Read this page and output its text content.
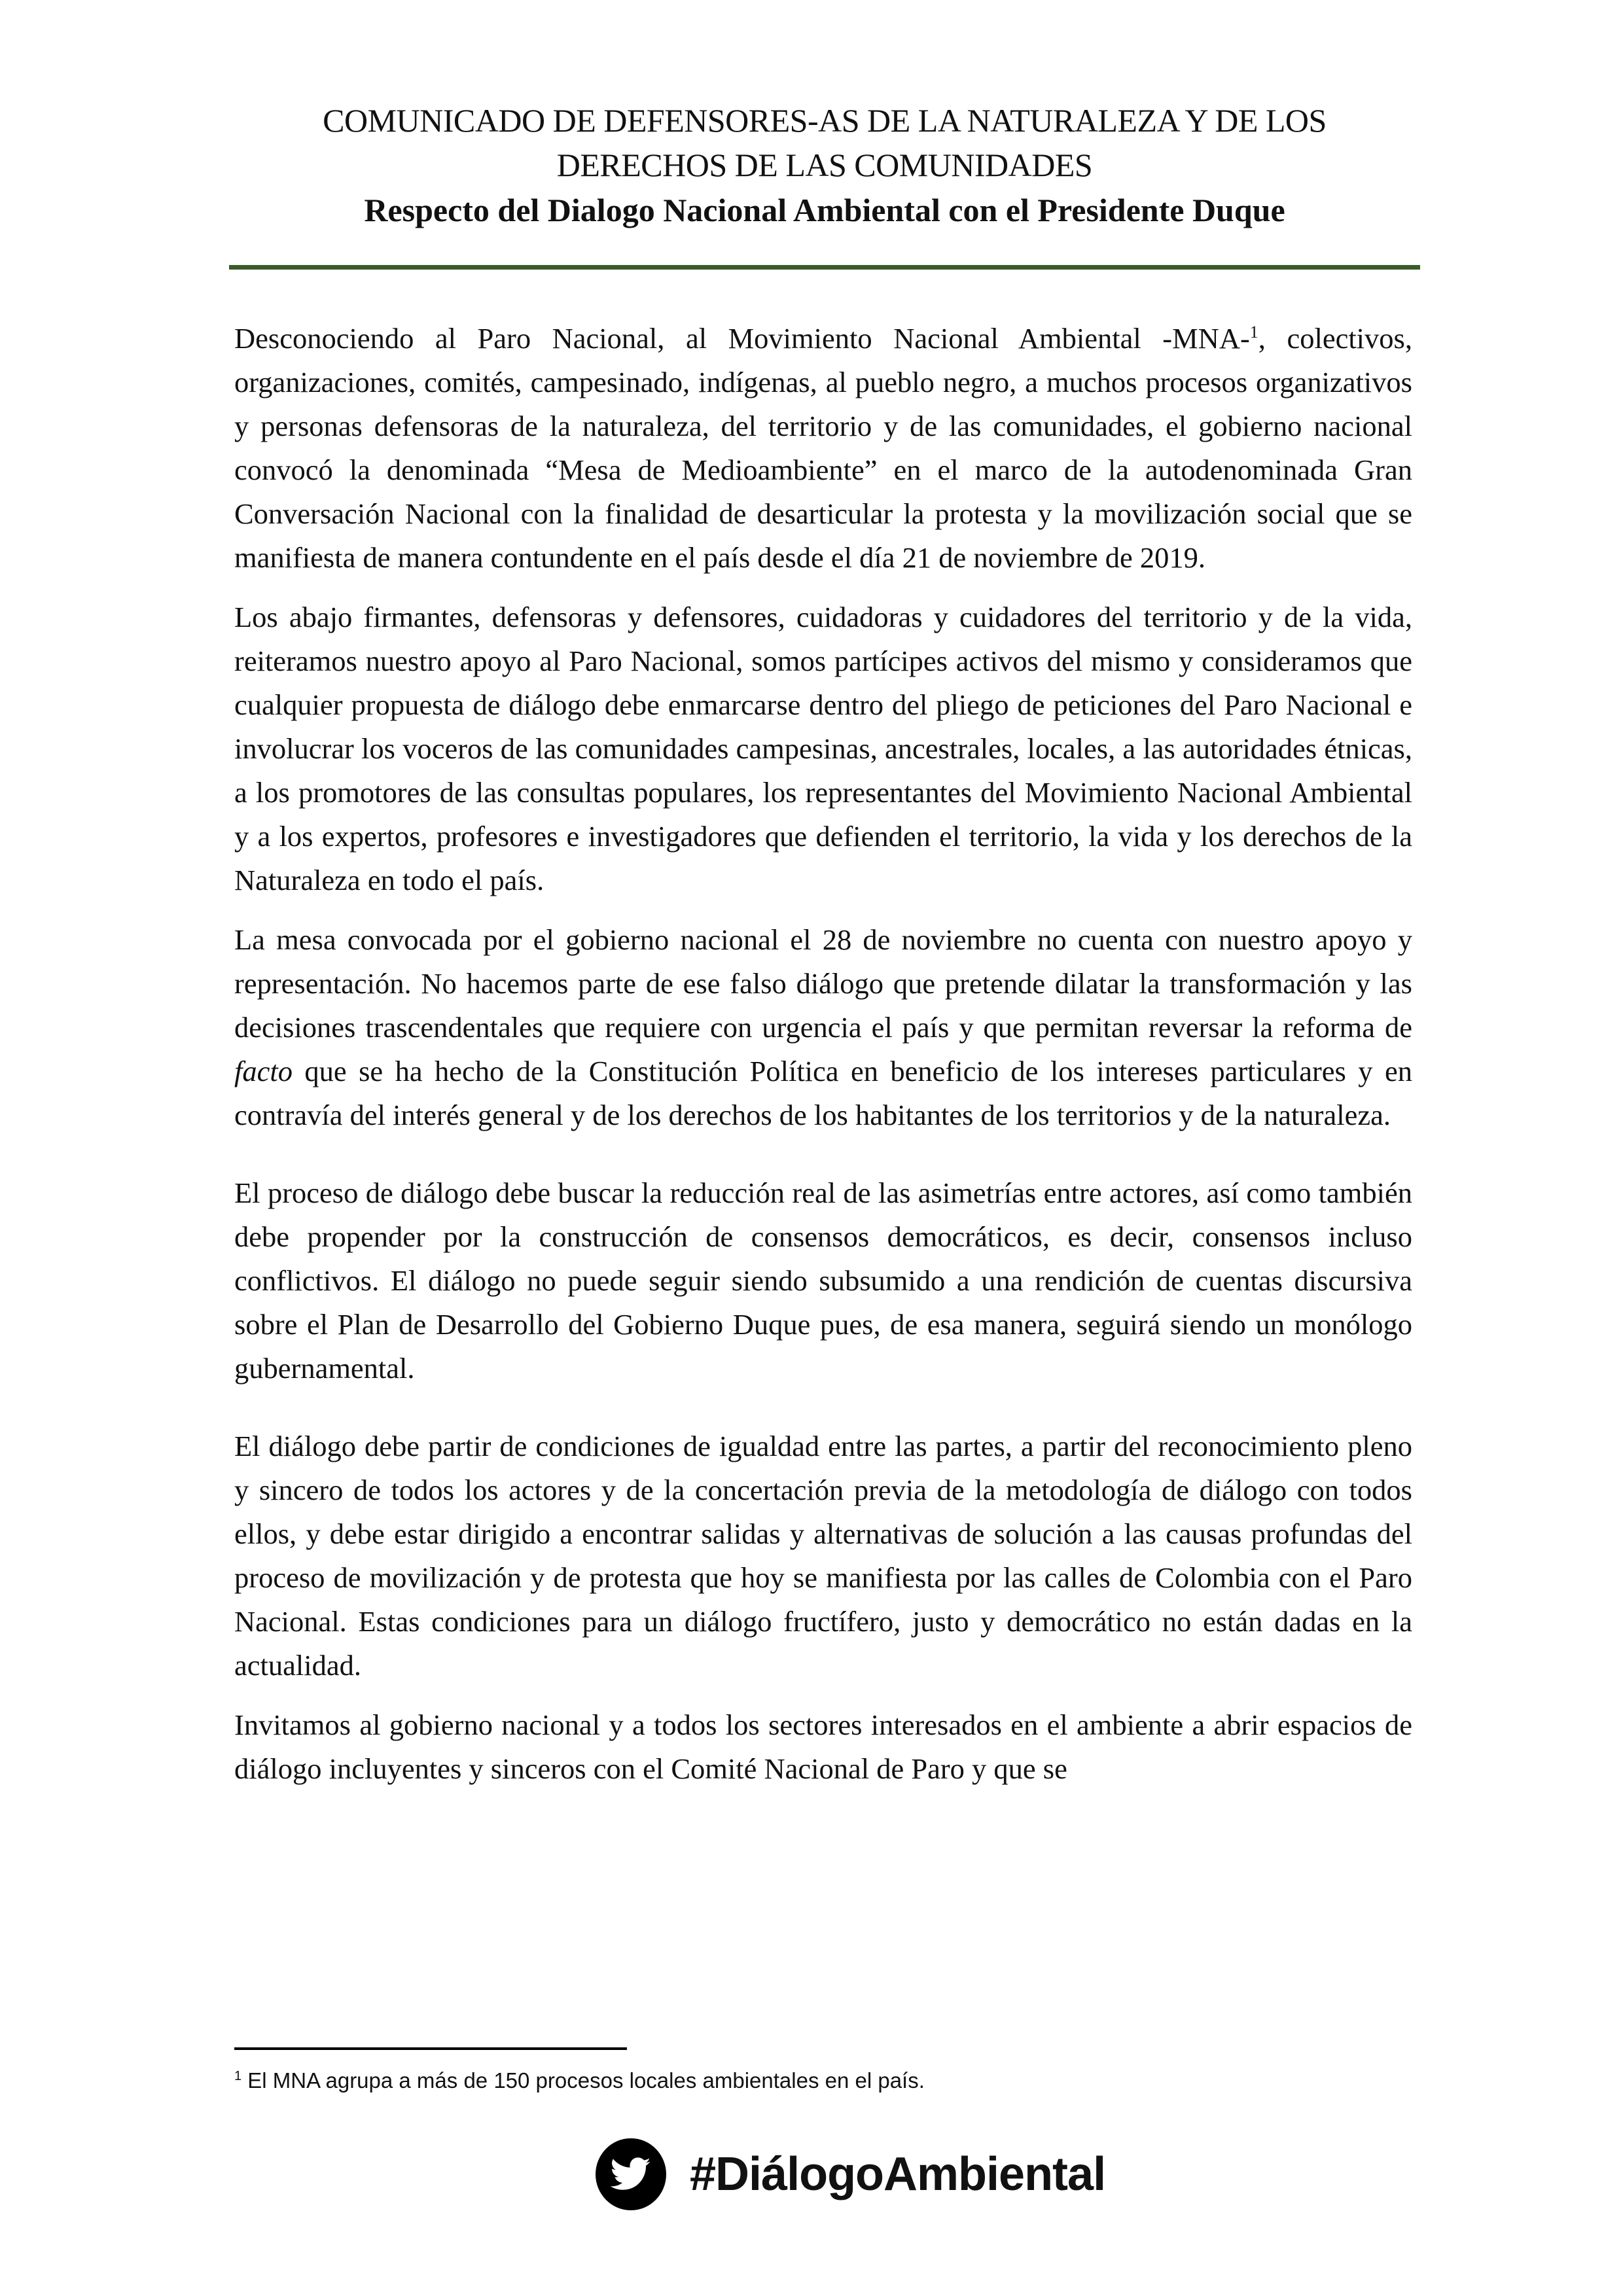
COMUNICADO DE DEFENSORES-AS DE LA NATURALEZA Y DE LOS
DERECHOS DE LAS COMUNIDADES
Respecto del Dialogo Nacional Ambiental con el Presidente Duque

Desconociendo al Paro Nacional, al Movimiento Nacional Ambiental -MNA-$^1$, colectivos, organizaciones, comités, campesinado, indígenas, al pueblo negro, a muchos procesos organizativos y personas defensoras de la naturaleza, del territorio y de las comunidades, el gobierno nacional convocó la denominada “Mesa de Medioambiente” en el marco de la autodenominada Gran Conversación Nacional con la finalidad de desarticular la protesta y la movilización social que se manifiesta de manera contundente en el país desde el día 21 de noviembre de 2019.

Los abajo firmantes, defensoras y defensores, cuidadoras y cuidadores del territorio y de la vida, reiteramos nuestro apoyo al Paro Nacional, somos partícipes activos del mismo y consideramos que cualquier propuesta de diálogo debe enmarcarse dentro del pliego de peticiones del Paro Nacional e involucrar los voceros de las comunidades campesinas, ancestrales, locales, a las autoridades étnicas, a los promotores de las consultas populares, los representantes del Movimiento Nacional Ambiental y a los expertos, profesores e investigadores que defienden el territorio, la vida y los derechos de la Naturaleza en todo el país.

La mesa convocada por el gobierno nacional el 28 de noviembre no cuenta con nuestro apoyo y representación. No hacemos parte de ese falso diálogo que pretende dilatar la transformación y las decisiones trascendentales que requiere con urgencia el país y que permitan reversar la reforma de facto que se ha hecho de la Constitución Política en beneficio de los intereses particulares y en contravía del interés general y de los derechos de los habitantes de los territorios y de la naturaleza.

El proceso de diálogo debe buscar la reducción real de las asimetrías entre actores, así como también debe propender por la construcción de consensos democráticos, es decir, consensos incluso conflictivos. El diálogo no puede seguir siendo subsumido a una rendición de cuentas discursiva sobre el Plan de Desarrollo del Gobierno Duque pues, de esa manera, seguirá siendo un monólogo gubernamental.

El diálogo debe partir de condiciones de igualdad entre las partes, a partir del reconocimiento pleno y sincero de todos los actores y de la concertación previa de la metodología de diálogo con todos ellos, y debe estar dirigido a encontrar salidas y alternativas de solución a las causas profundas del proceso de movilización y de protesta que hoy se manifiesta por las calles de Colombia con el Paro Nacional. Estas condiciones para un diálogo fructífero, justo y democrático no están dadas en la actualidad.

Invitamos al gobierno nacional y a todos los sectores interesados en el ambiente a abrir espacios de diálogo incluyentes y sinceros con el Comité Nacional de Paro y que se

$^1$ El MNA agrupa a más de 150 procesos locales ambientales en el país.
#DiálogoAmbiental
